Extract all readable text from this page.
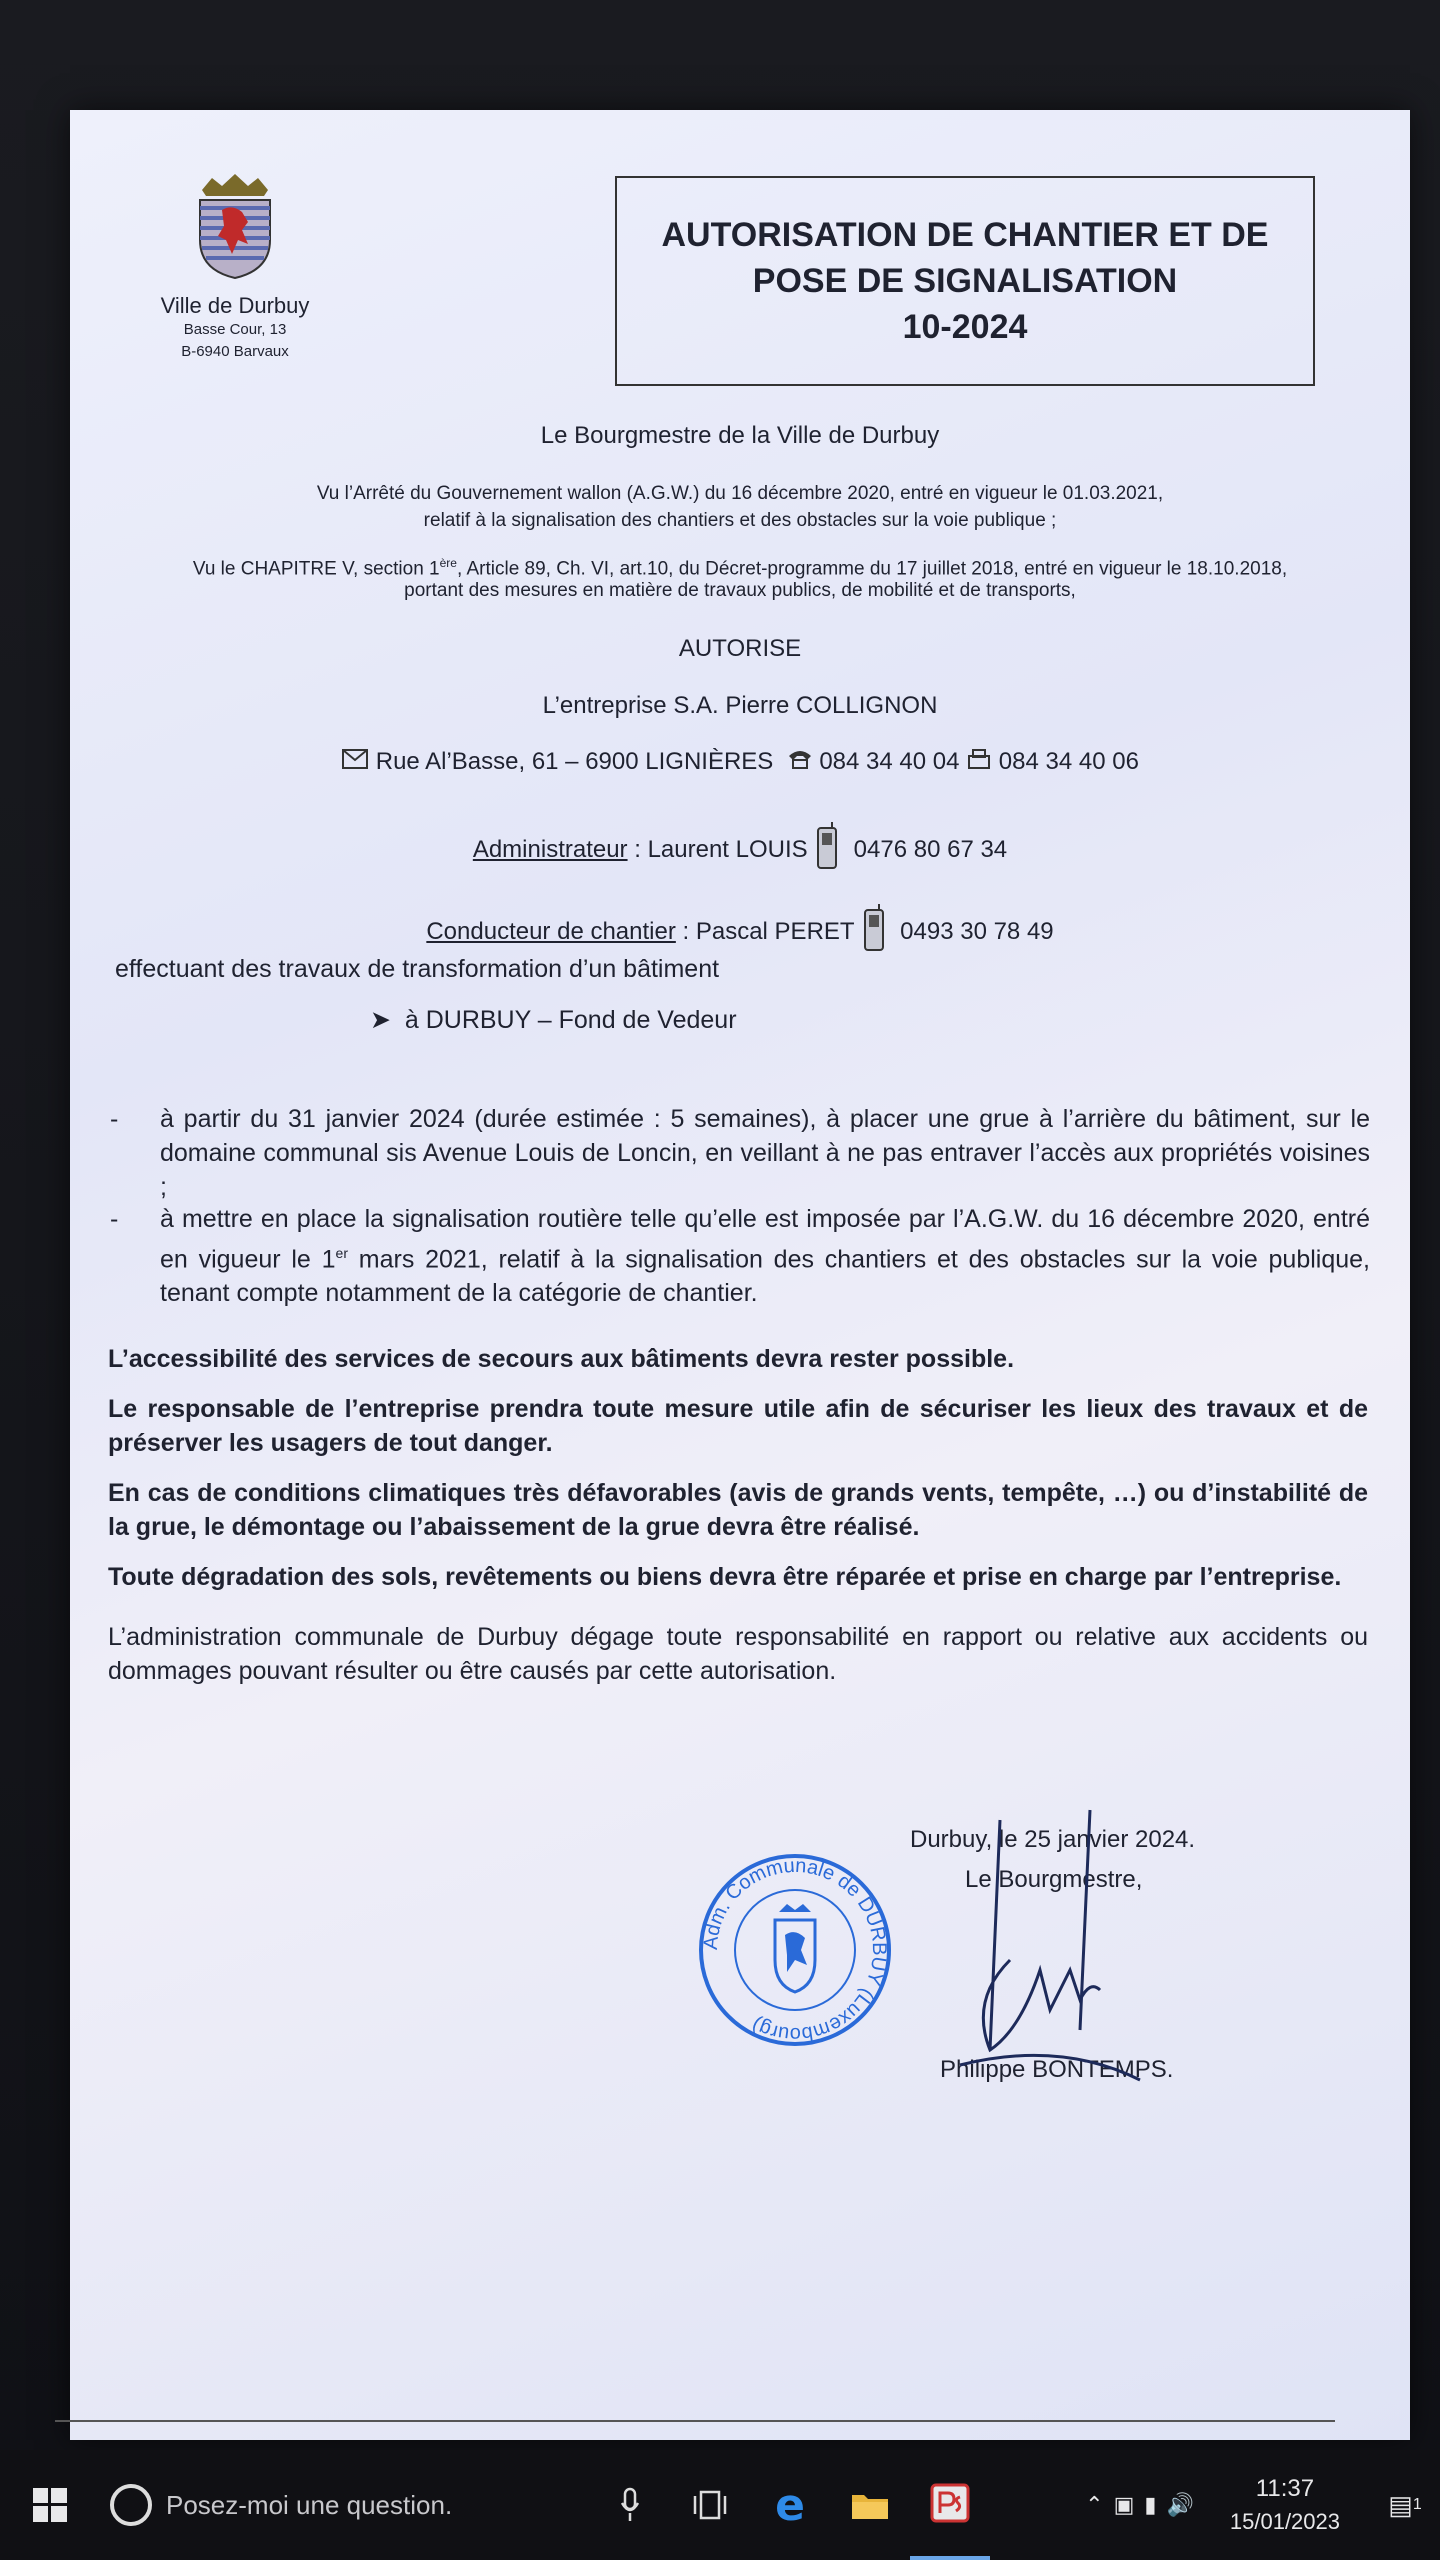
Ville de Durbuy
Basse Cour, 13
B-6940 Barvaux
AUTORISATION DE CHANTIER ET DE
POSE DE SIGNALISATION
10-2024
Le Bourgmestre de la Ville de Durbuy
Vu l’Arrêté du Gouvernement wallon (A.G.W.) du 16 décembre 2020, entré en vigueur le 01.03.2021,
relatif à la signalisation des chantiers et des obstacles sur la voie publique ;
Vu le CHAPITRE V, section 1ère, Article 89, Ch. VI, art.10, du Décret-programme du 17 juillet 2018, entré en vigueur le 18.10.2018,
portant des mesures en matière de travaux publics, de mobilité et de transports,
AUTORISE
L’entreprise S.A. Pierre COLLIGNON
Rue Al’Basse, 61 – 6900 LIGNIÈRES 084 34 40 04 084 34 40 06
Administrateur : Laurent LOUIS 0476 80 67 34
Conducteur de chantier : Pascal PERET 0493 30 78 49
effectuant des travaux de transformation d’un bâtiment
➤ à DURBUY – Fond de Vedeur
- à partir du 31 janvier 2024 (durée estimée : 5 semaines), à placer une grue à l’arrière du bâtiment, sur le domaine communal sis Avenue Louis de Loncin, en veillant à ne pas entraver l’accès aux propriétés voisines ;
- à mettre en place la signalisation routière telle qu’elle est imposée par l’A.G.W. du 16 décembre 2020, entré en vigueur le 1er mars 2021, relatif à la signalisation des chantiers et des obstacles sur la voie publique, tenant compte notamment de la catégorie de chantier.
L’accessibilité des services de secours aux bâtiments devra rester possible.
Le responsable de l’entreprise prendra toute mesure utile afin de sécuriser les lieux des travaux et de préserver les usagers de tout danger.
En cas de conditions climatiques très défavorables (avis de grands vents, tempête, …) ou d’instabilité de la grue, le démontage ou l’abaissement de la grue devra être réalisé.
Toute dégradation des sols, revêtements ou biens devra être réparée et prise en charge par l’entreprise.
L’administration communale de Durbuy dégage toute responsabilité en rapport ou relative aux accidents ou dommages pouvant résulter ou être causés par cette autorisation.
Adm. Communale de DURBUY (Luxembourg)
Durbuy, le 25 janvier 2024.
Le Bourgmestre,
Philippe BONTEMPS.
Posez-moi une question.	e	⌃▣▮🔊
11:37
15/01/2023
▤ 1
